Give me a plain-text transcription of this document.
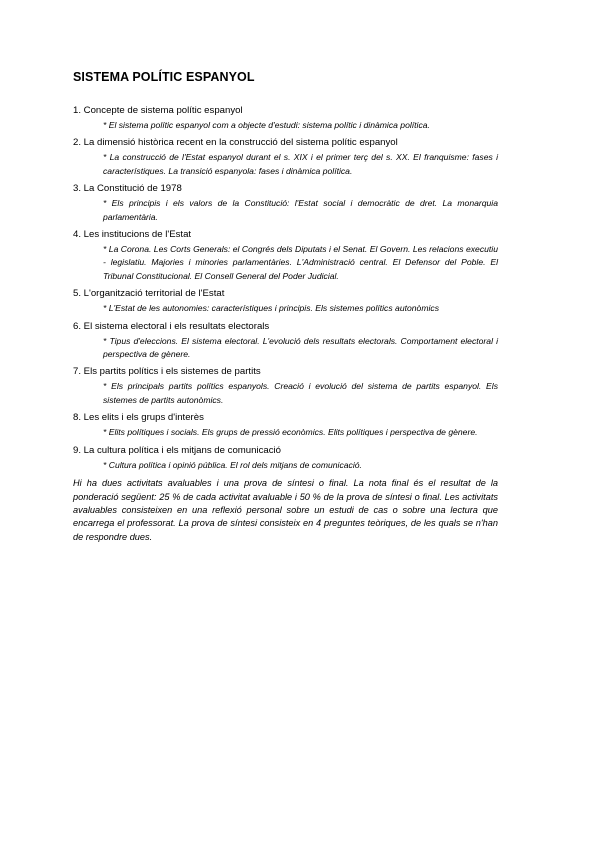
SISTEMA POLÍTIC ESPANYOL

1. Concepte de sistema polític espanyol

* El sistema polític espanyol com a objecte d'estudi: sistema polític i dinàmica política.

2. La dimensió històrica recent en la construcció del sistema polític espanyol

* La construcció de l'Estat espanyol durant el s. XIX i el primer terç del s. XX. El franquisme: fases i característiques. La transició espanyola: fases i dinàmica política.

3. La Constitució de 1978

* Els principis i els valors de la Constitució: l'Estat social i democràtic de dret. La monarquia parlamentària.

4. Les institucions de l'Estat

* La Corona. Les Corts Generals: el Congrés dels Diputats i el Senat. El Govern. Les relacions executiu - legislatiu. Majories i minories parlamentàries. L'Administració central. El Defensor del Poble. El Tribunal Constitucional. El Consell General del Poder Judicial.

5. L'organització territorial de l'Estat

* L'Estat de les autonomies: característiques i principis. Els sistemes polítics autonòmics

6. El sistema electoral i els resultats electorals

* Tipus d'eleccions. El sistema electoral. L'evolució dels resultats electorals. Comportament electoral i perspectiva de gènere.

7. Els partits polítics i els sistemes de partits

* Els principals partits polítics espanyols. Creació i evolució del sistema de partits espanyol. Els sistemes de partits autonòmics.

8. Les elits i els grups d'interès

* Elits polítiques i socials. Els grups de pressió econòmics. Elits polítiques i perspectiva de gènere.

9. La cultura política i els mitjans de comunicació

* Cultura política i opinió pública. El rol dels mitjans de comunicació.

Hi ha dues activitats avaluables i una prova de síntesi o final. La nota final és el resultat de la ponderació següent: 25 % de cada activitat avaluable i 50 % de la prova de síntesi o final. Les activitats avaluables consisteixen en una reflexió personal sobre un estudi de cas o sobre una lectura que encarrega el professorat. La prova de síntesi consisteix en 4 preguntes teòriques, de les quals se n'han de respondre dues.
